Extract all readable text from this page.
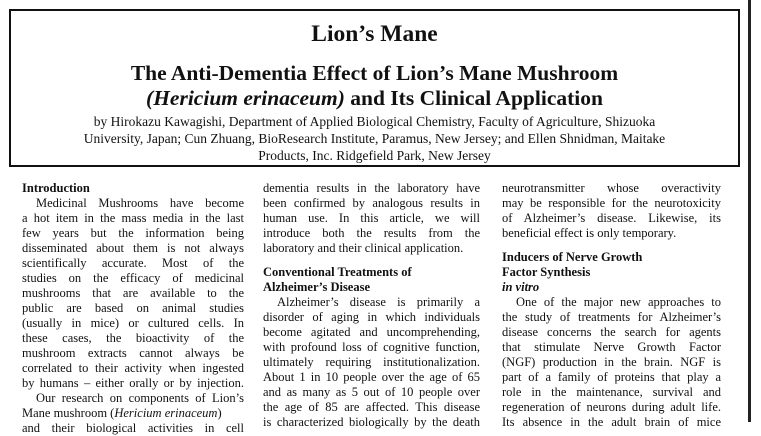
Lion’s Mane
The Anti-Dementia Effect of Lion’s Mane Mushroom
(Hericium erinaceum) and Its Clinical Application
by Hirokazu Kawagishi, Department of Applied Biological Chemistry, Faculty of Agriculture, Shizuoka
University, Japan; Cun Zhuang, BioResearch Institute, Paramus, New Jersey; and Ellen Shnidman, Maitake
Products, Inc. Ridgefield Park, New Jersey

Introduction

Medicinal Mushrooms have become

a hot item in the mass media in the last

few years but the information being

disseminated about them is not always

scientifically accurate. Most of the

studies on the efficacy of medicinal

mushrooms that are available to the

public are based on animal studies

(usually in mice) or cultured cells. In

these cases, the bioactivity of the

mushroom extracts cannot always be

correlated to their activity when ingested

by humans – either orally or by injection.

Our research on components of Lion’s

Mane mushroom (Hericium erinaceum)

and their biological activities in cell

dementia results in the laboratory have

been confirmed by analogous results in

human use. In this article, we will

introduce both the results from the

laboratory and their clinical application.

Conventional Treatments of

Alzheimer’s Disease

Alzheimer’s disease is primarily a

disorder of aging in which individuals

become agitated and uncomprehending,

with profound loss of cognitive function,

ultimately requiring institutionalization.

About 1 in 10 people over the age of 65

and as many as 5 out of 10 people over

the age of 85 are affected. This disease

is characterized biologically by the death

neurotransmitter whose overactivity

may be responsible for the neurotoxicity

of Alzheimer’s disease. Likewise, its

beneficial effect is only temporary.

Inducers of Nerve Growth

Factor Synthesis

in vitro

One of the major new approaches to

the study of treatments for Alzheimer’s

disease concerns the search for agents

that stimulate Nerve Growth Factor

(NGF) production in the brain. NGF is

part of a family of proteins that play a

role in the maintenance, survival and

regeneration of neurons during adult life.

Its absence in the adult brain of mice
